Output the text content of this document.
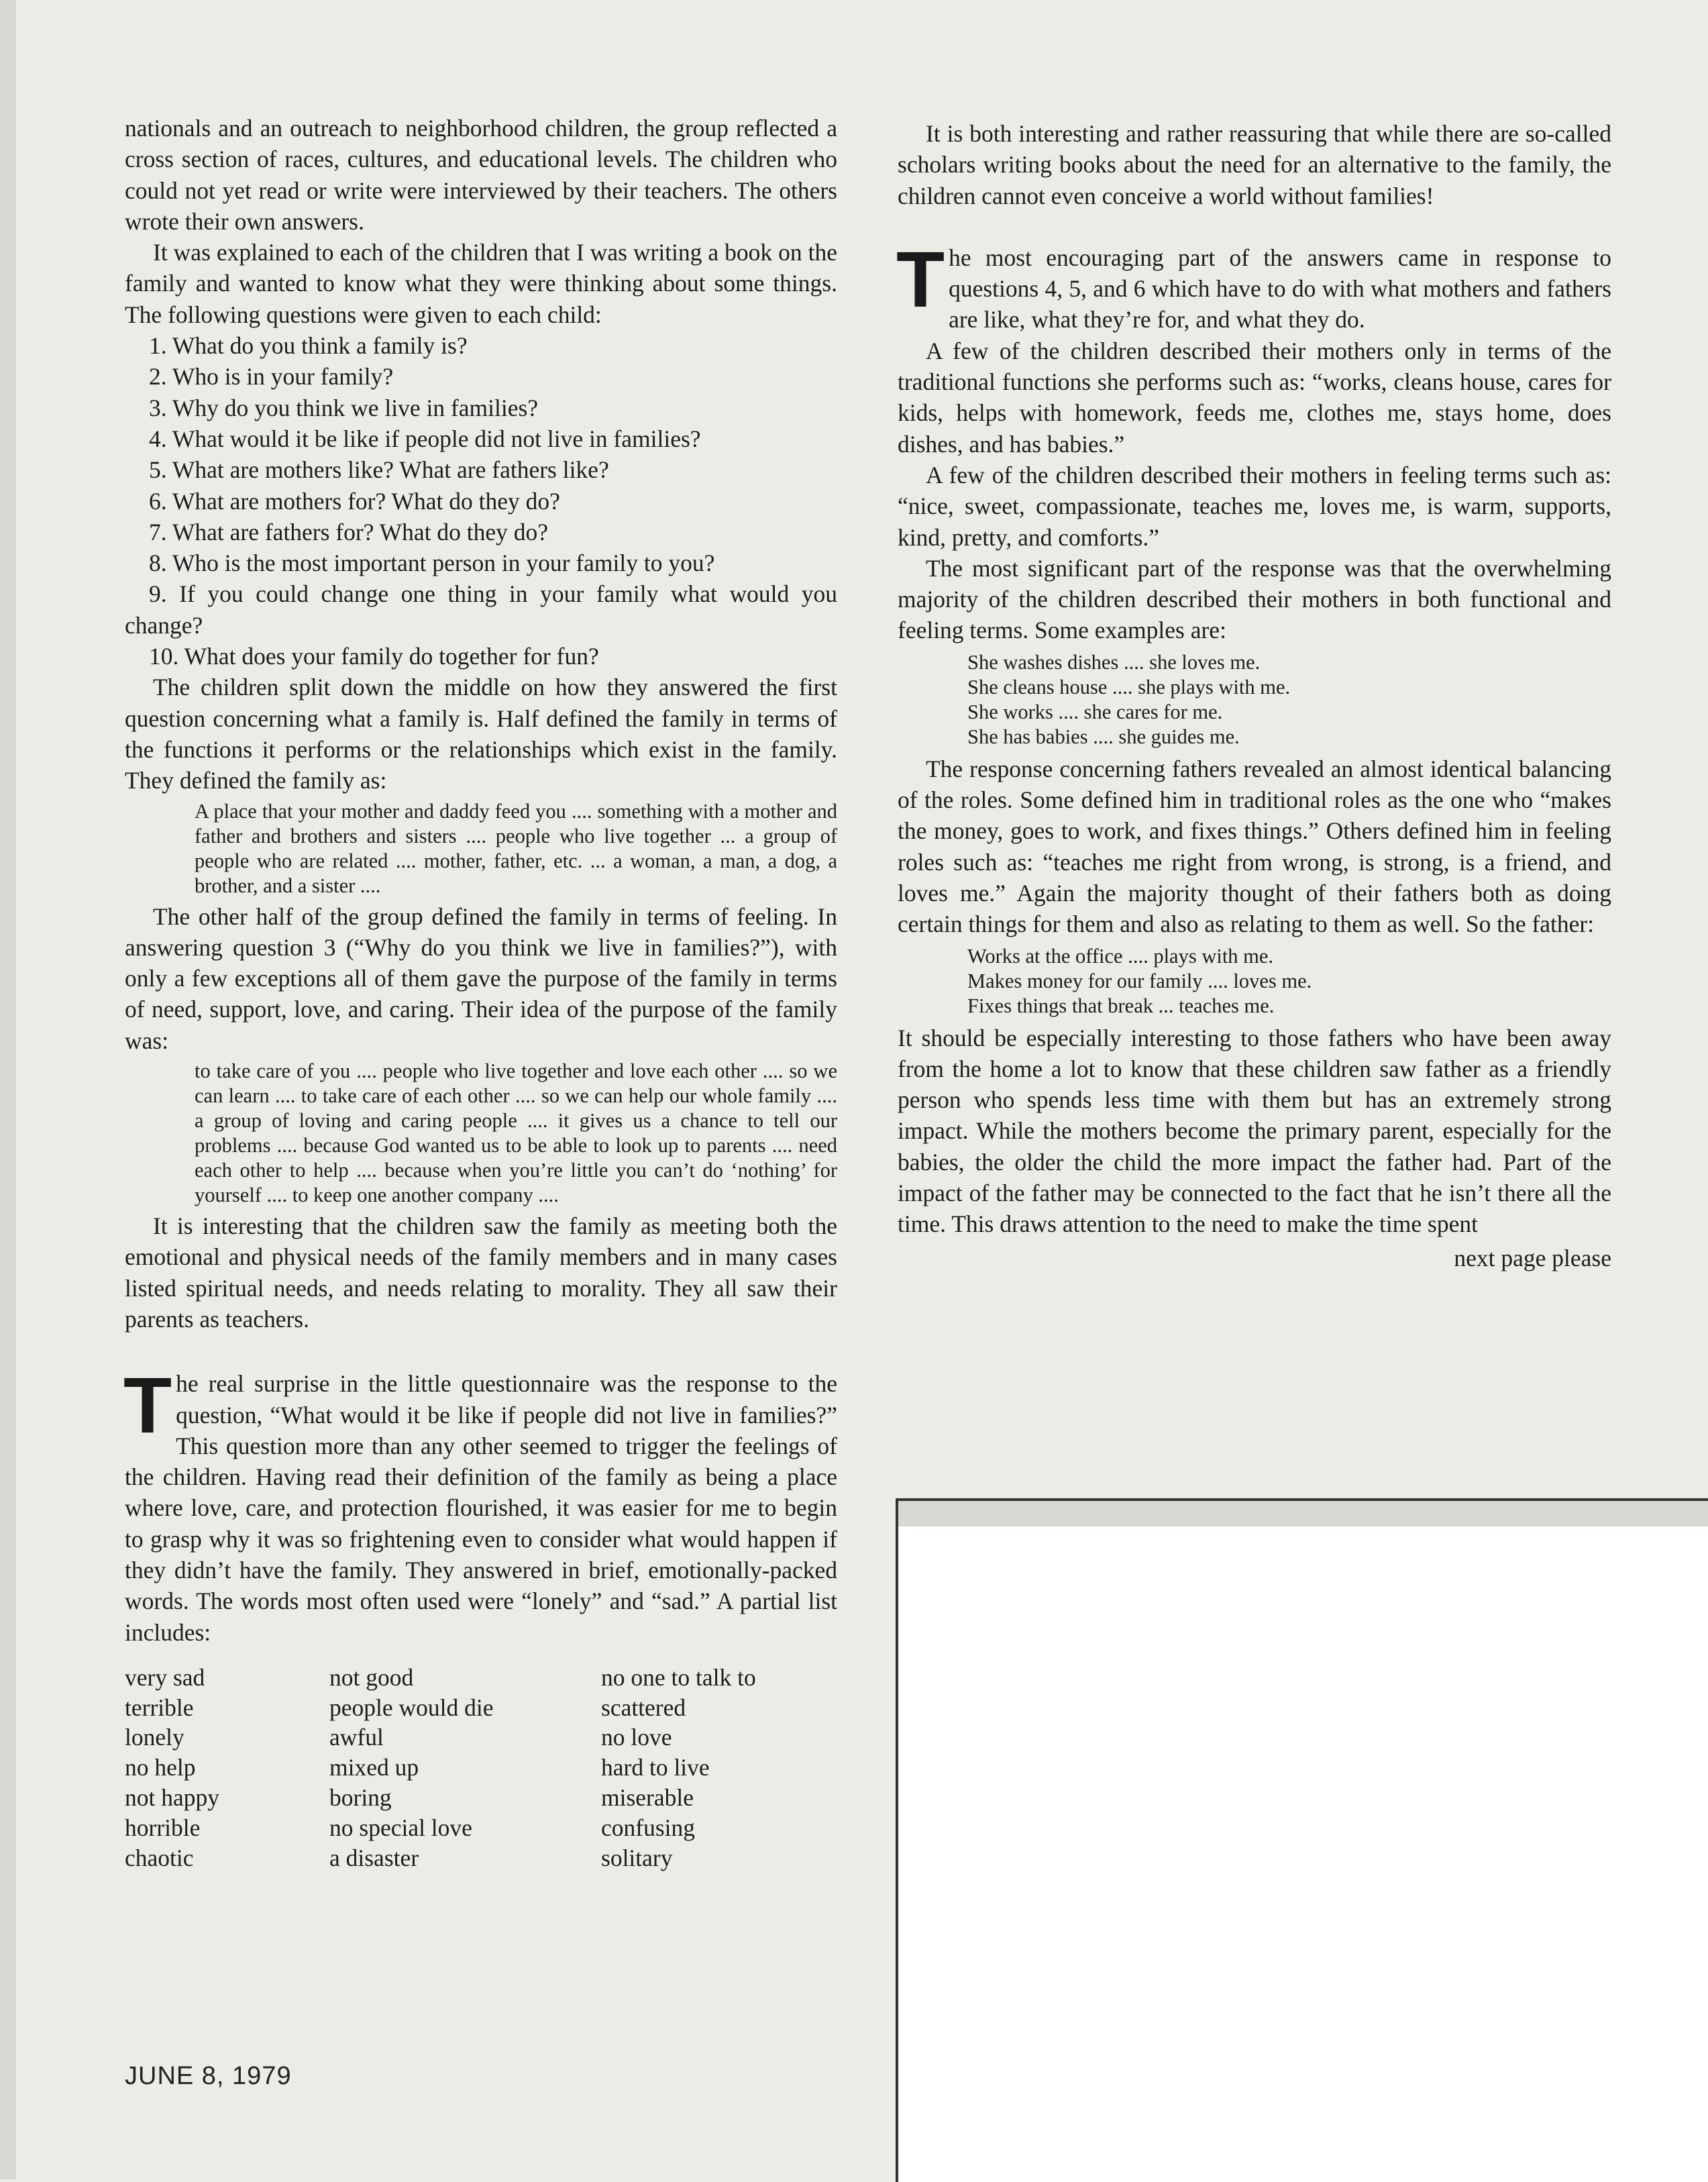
nationals and an outreach to neighborhood children, the group reflected a cross section of races, cultures, and educational levels. The children who could not yet read or write were interviewed by their teachers. The others wrote their own answers.

It was explained to each of the children that I was writing a book on the family and wanted to know what they were thinking about some things. The following questions were given to each child:

1. What do you think a family is?
2. Who is in your family?
3. Why do you think we live in families?
4. What would it be like if people did not live in families?
5. What are mothers like? What are fathers like?
6. What are mothers for? What do they do?
7. What are fathers for? What do they do?
8. Who is the most important person in your family to you?
9. If you could change one thing in your family what would you change?
10. What does your family do together for fun?

The children split down the middle on how they answered the first question concerning what a family is. Half defined the family in terms of the functions it performs or the relationships which exist in the family. They defined the family as:

A place that your mother and daddy feed you .... something with a mother and father and brothers and sisters .... people who live together ... a group of people who are related .... mother, father, etc. ... a woman, a man, a dog, a brother, and a sister ....

The other half of the group defined the family in terms of feeling. In answering question 3 (“Why do you think we live in families?”), with only a few exceptions all of them gave the purpose of the family in terms of need, support, love, and caring. Their idea of the purpose of the family was:

to take care of you .... people who live together and love each other .... so we can learn .... to take care of each other .... so we can help our whole family .... a group of loving and caring people .... it gives us a chance to tell our problems .... because God wanted us to be able to look up to parents .... need each other to help .... because when you’re little you can’t do ‘nothing’ for yourself .... to keep one another company ....

It is interesting that the children saw the family as meeting both the emotional and physical needs of the family members and in many cases listed spiritual needs, and needs relating to morality. They all saw their parents as teachers.

T he real surprise in the little questionnaire was the response to the question, “What would it be like if people did not live in families?” This question more than any other seemed to trigger the feelings of the children. Having read their definition of the family as being a place where love, care, and protection flourished, it was easier for me to begin to grasp why it was so frightening even to consider what would happen if they didn’t have the family. They answered in brief, emotionally-packed words. The words most often used were “lonely” and “sad.” A partial list includes:

very sad	not good	no one to talk to
terrible	people would die	scattered
lonely	awful	no love
no help	mixed up	hard to live
not happy	boring	miserable
horrible	no special love	confusing
chaotic	a disaster	solitary
JUNE 8, 1979

It is both interesting and rather reassuring that while there are so-called scholars writing books about the need for an alternative to the family, the children cannot even conceive a world without families!

T he most encouraging part of the answers came in response to questions 4, 5, and 6 which have to do with what mothers and fathers are like, what they’re for, and what they do.

A few of the children described their mothers only in terms of the traditional functions she performs such as: “works, cleans house, cares for kids, helps with homework, feeds me, clothes me, stays home, does dishes, and has babies.”

A few of the children described their mothers in feeling terms such as: “nice, sweet, compassionate, teaches me, loves me, is warm, supports, kind, pretty, and comforts.”

The most significant part of the response was that the overwhelming majority of the children described their mothers in both functional and feeling terms. Some examples are:

She washes dishes .... she loves me.
She cleans house .... she plays with me.
She works .... she cares for me.
She has babies .... she guides me.

The response concerning fathers revealed an almost identical balancing of the roles. Some defined him in traditional roles as the one who “makes the money, goes to work, and fixes things.” Others defined him in feeling roles such as: “teaches me right from wrong, is strong, is a friend, and loves me.” Again the majority thought of their fathers both as doing certain things for them and also as relating to them as well. So the father:

Works at the office .... plays with me.
Makes money for our family .... loves me.
Fixes things that break ... teaches me.

It should be especially interesting to those fathers who have been away from the home a lot to know that these children saw father as a friendly person who spends less time with them but has an extremely strong impact. While the mothers become the primary parent, especially for the babies, the older the child the more impact the father had. Part of the impact of the father may be connected to the fact that he isn’t there all the time. This draws attention to the need to make the time spent

next page please
